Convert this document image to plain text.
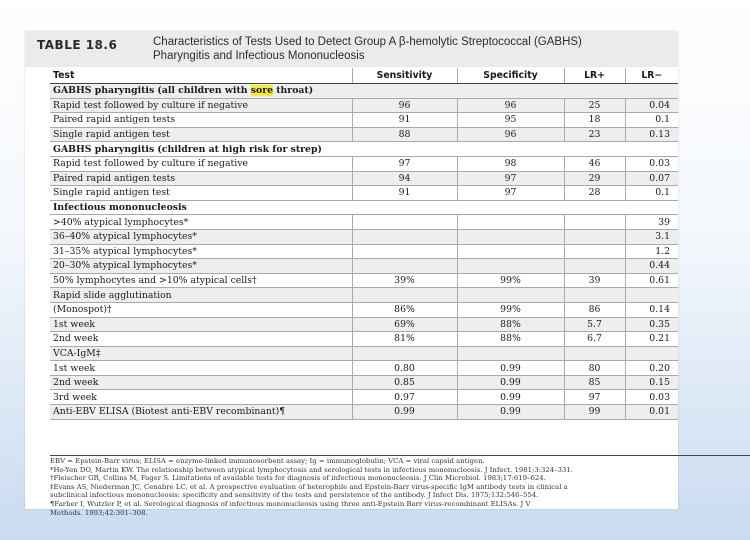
TABLE 18.6	Characteristics of Tests Used to Detect Group A β-hemolytic Streptococcal (GABHS)
Pharyngitis and Infectious Mononucleosis
Test	Sensitivity	Specificity	LR+	LR−
GABHS pharyngitis (all children with sore throat)				
Rapid test followed by culture if negative	96	96	25	0.04
Paired rapid antigen tests	91	95	18	0.1
Single rapid antigen test	88	96	23	0.13
GABHS pharyngitis (children at high risk for strep)				
Rapid test followed by culture if negative	97	98	46	0.03
Paired rapid antigen tests	94	97	29	0.07
Single rapid antigen test	91	97	28	0.1
Infectious mononucleosis				
>40% atypical lymphocytes*				39
36–40% atypical lymphocytes*				3.1
31–35% atypical lymphocytes*				1.2
20–30% atypical lymphocytes*				0.44
50% lymphocytes and >10% atypical cells†	39%	99%	39	0.61
Rapid slide agglutination				
(Monospot)†	86%	99%	86	0.14
1st week	69%	88%	5.7	0.35
2nd week	81%	88%	6.7	0.21
VCA-IgM‡				
1st week	0.80	0.99	80	0.20
2nd week	0.85	0.99	85	0.15
3rd week	0.97	0.99	97	0.03
Anti-EBV ELISA (Biotest anti-EBV recombinant)¶	0.99	0.99	99	0.01
EBV = Epstein-Barr virus; ELISA = enzyme-linked immunosorbent assay; Ig = immunoglobulin; VCA = viral capsid antigen.
*Ho-Yen DO, Martin KW. The relationship between atypical lymphocytosis and serological tests in infectious mononucleosis. J Infect. 1981;3:324–331.
†Fleischer GR, Collins M, Fager S. Limitations of available tests for diagnosis of infectious mononucleosis. J Clin Microbiol. 1983;17:619–624.
‡Evans AS, Niederman JC, Cenabre LC, et al. A prospective evaluation of heterophile and Epstein-Barr virus-specific IgM antibody tests in clinical a
subclinical infectious mononucleosis: specificity and sensitivity of the tests and persistence of the antibody. J Infect Dis. 1975;132:546–554.
¶Farber I, Wutzler P, et al. Serological diagnosis of infectious mononucleosis using three anti-Epstein Barr virus-recombinant ELISAs. J V
Methods. 1993;42:301–308.
